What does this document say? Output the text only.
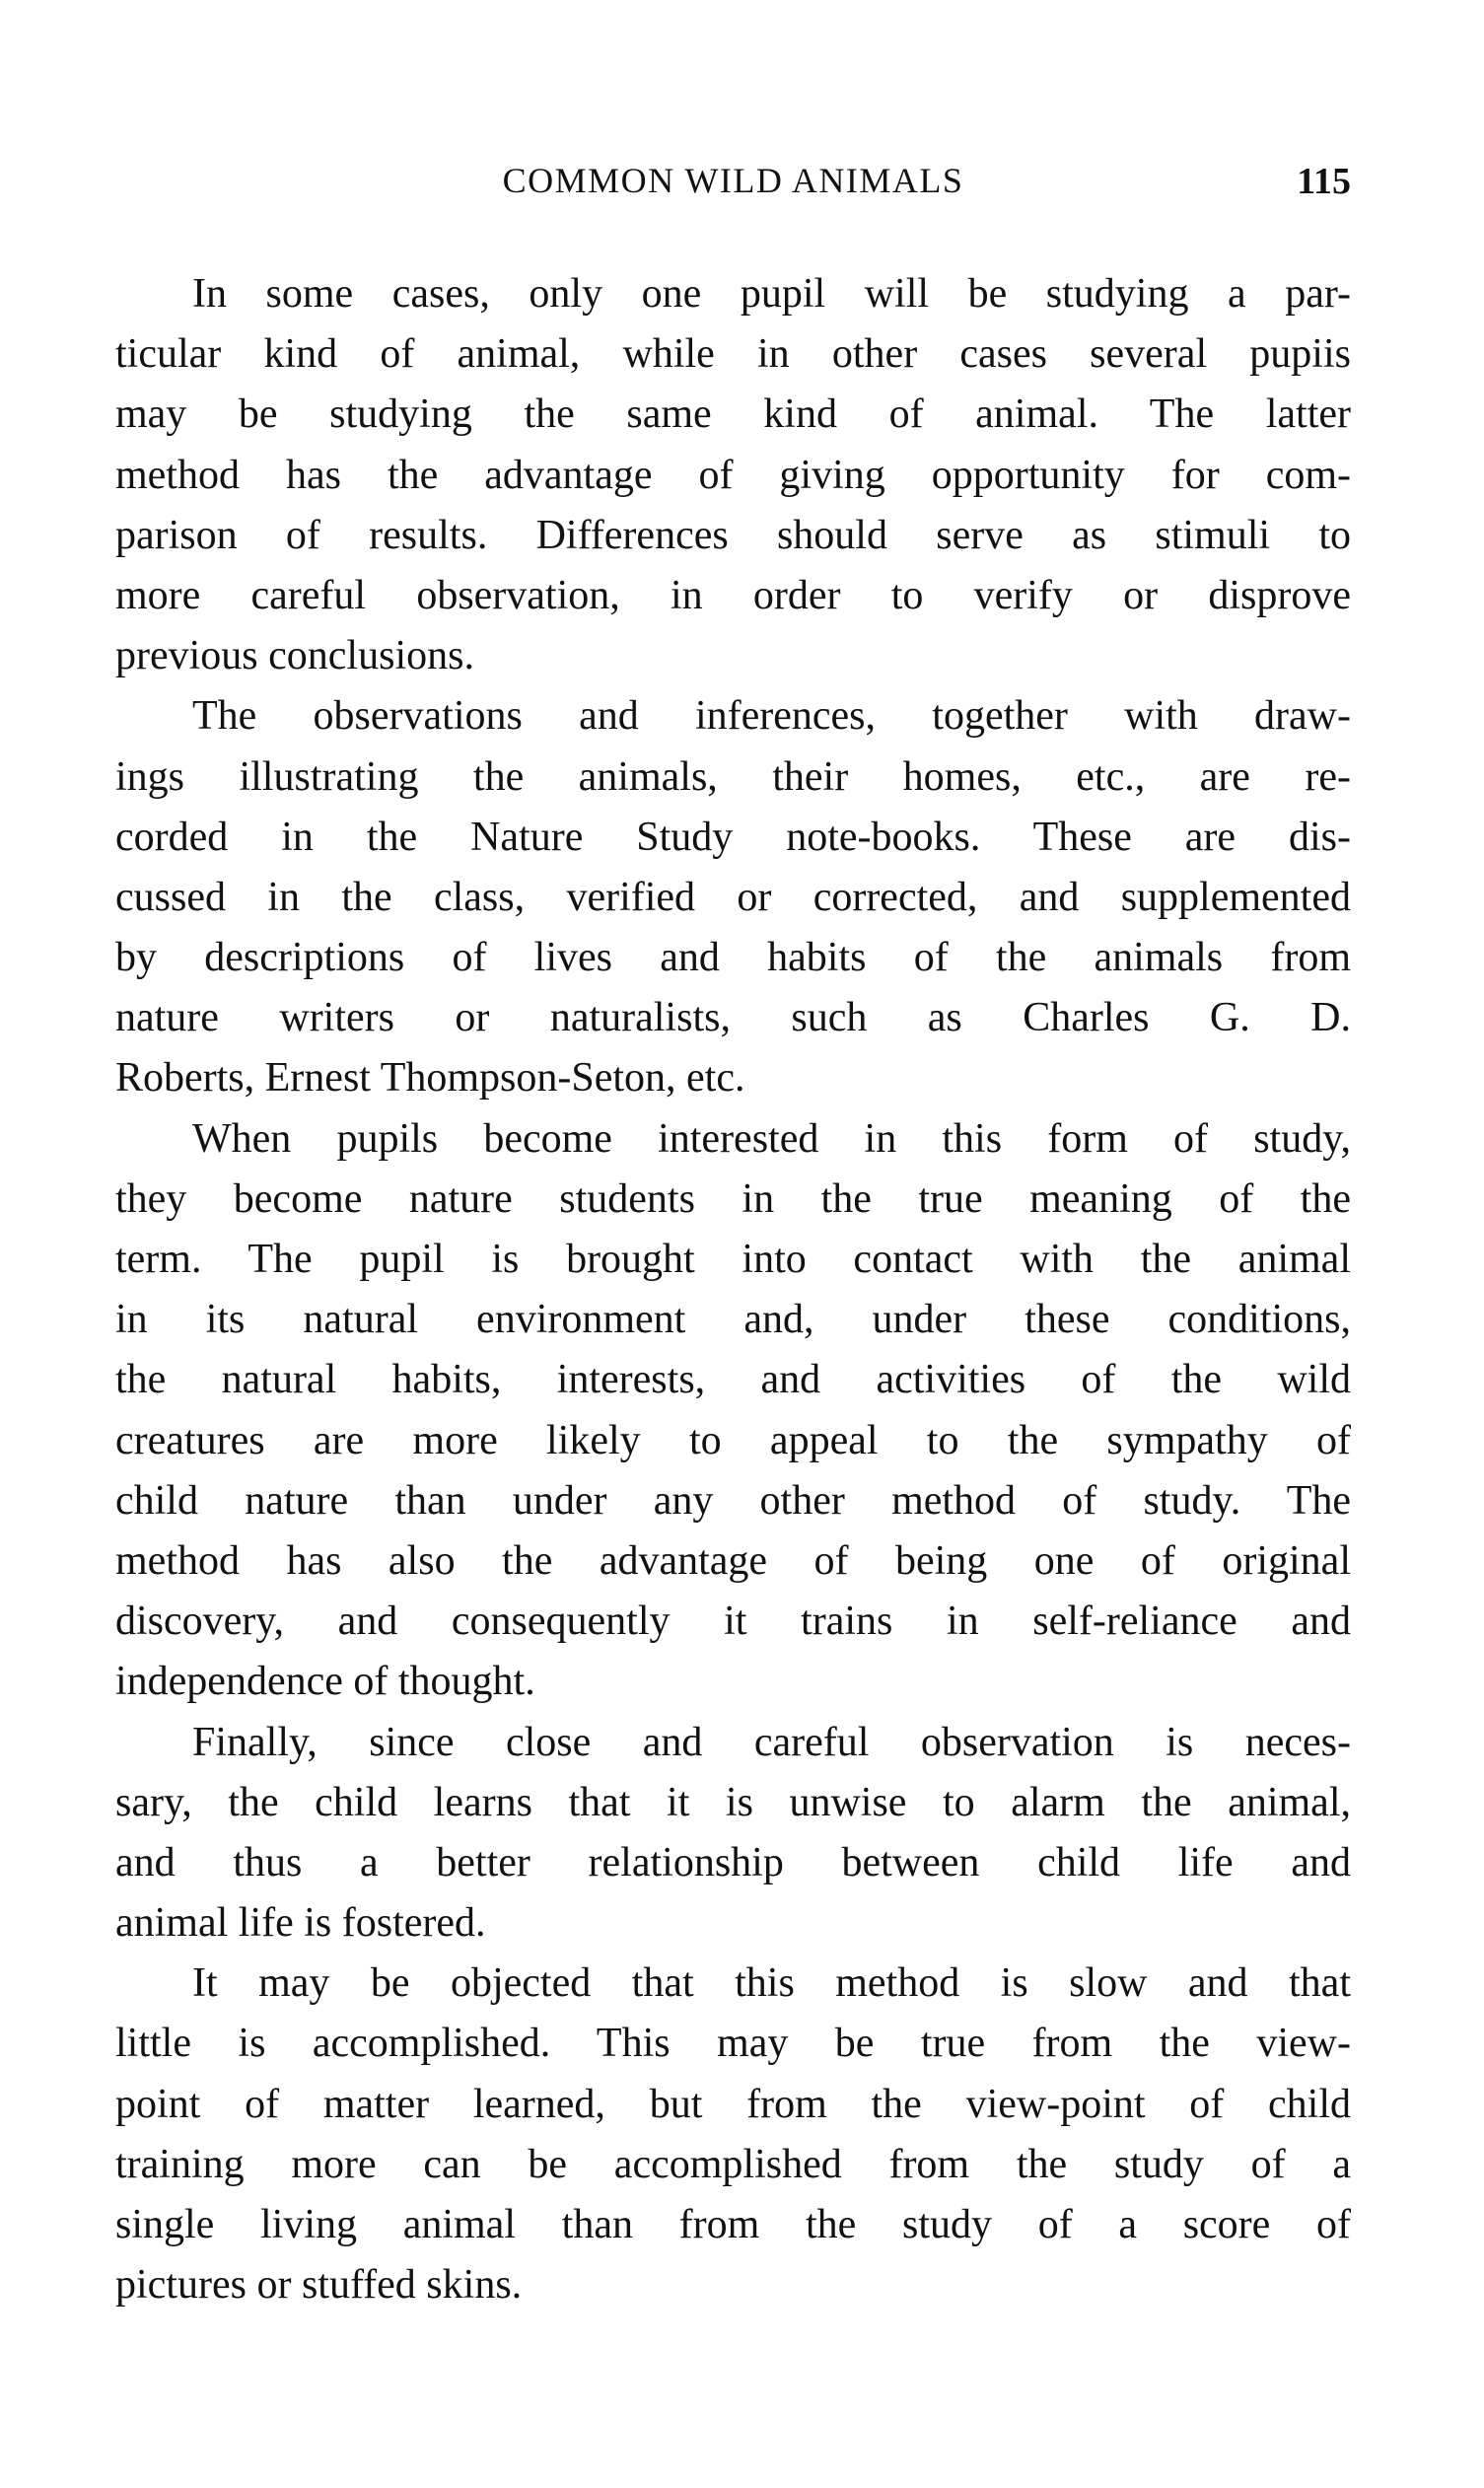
COMMON WILD ANIMALS	115
In some cases, only one pupil will be studying a par-
ticular kind of animal, while in other cases several pupiis
may be studying the same kind of animal. The latter
method has the advantage of giving opportunity for com-
parison of results. Differences should serve as stimuli to
more careful observation, in order to verify or disprove
previous conclusions.
The observations and inferences, together with draw-
ings illustrating the animals, their homes, etc., are re-
corded in the Nature Study note-books. These are dis-
cussed in the class, verified or corrected, and supplemented
by descriptions of lives and habits of the animals from
nature writers or naturalists, such as Charles G. D.
Roberts, Ernest Thompson-Seton, etc.
When pupils become interested in this form of study,
they become nature students in the true meaning of the
term. The pupil is brought into contact with the animal
in its natural environment and, under these conditions,
the natural habits, interests, and activities of the wild
creatures are more likely to appeal to the sympathy of
child nature than under any other method of study. The
method has also the advantage of being one of original
discovery, and consequently it trains in self-reliance and
independence of thought.
Finally, since close and careful observation is neces-
sary, the child learns that it is unwise to alarm the animal,
and thus a better relationship between child life and
animal life is fostered.
It may be objected that this method is slow and that
little is accomplished. This may be true from the view-
point of matter learned, but from the view-point of child
training more can be accomplished from the study of a
single living animal than from the study of a score of
pictures or stuffed skins.
